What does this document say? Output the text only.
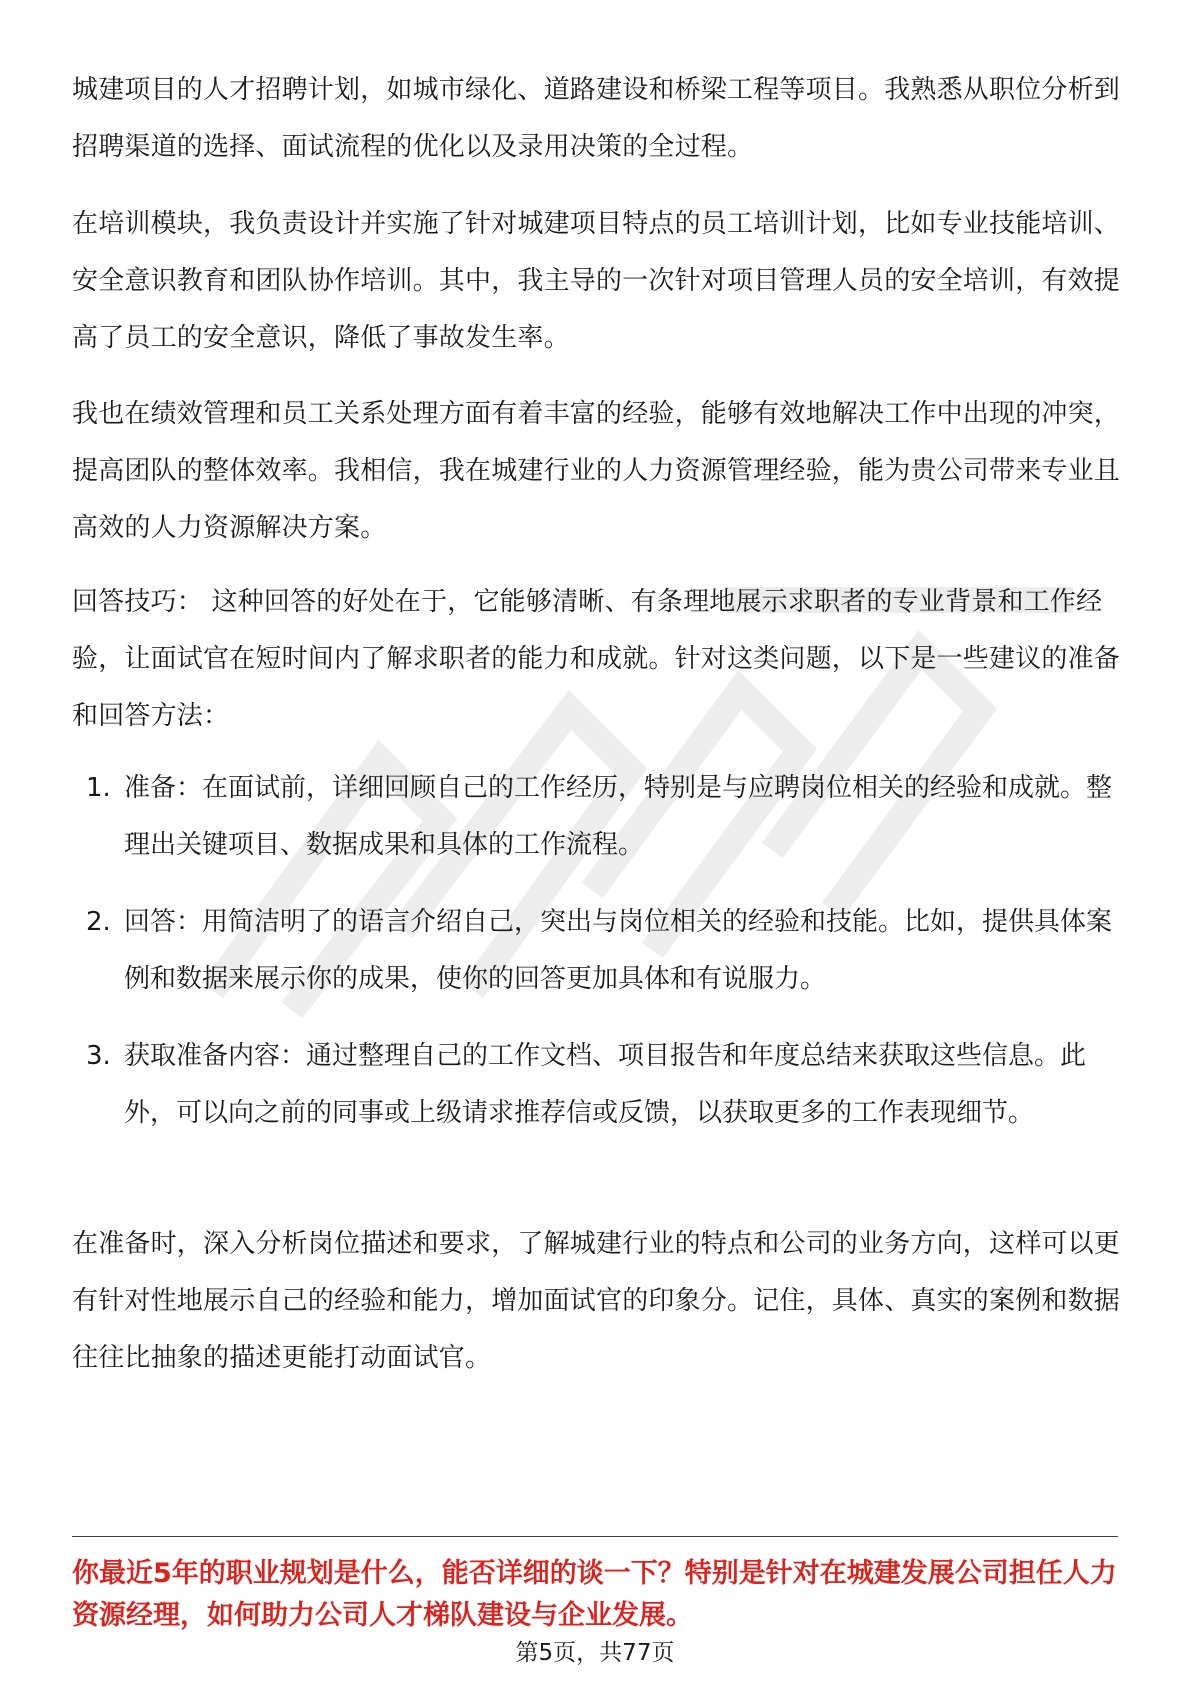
城建项目的人才招聘计划，如城市绿化、道路建设和桥梁工程等项目。我熟悉从职位分析到招聘渠道的选择、面试流程的优化以及录用决策的全过程。

在培训模块，我负责设计并实施了针对城建项目特点的员工培训计划，比如专业技能培训、安全意识教育和团队协作培训。其中，我主导的一次针对项目管理人员的安全培训，有效提高了员工的安全意识，降低了事故发生率。

我也在绩效管理和员工关系处理方面有着丰富的经验，能够有效地解决工作中出现的冲突，提高团队的整体效率。我相信，我在城建行业的人力资源管理经验，能为贵公司带来专业且高效的人力资源解决方案。

回答技巧： 这种回答的好处在于，它能够清晰、有条理地展示求职者的专业背景和工作经验，让面试官在短时间内了解求职者的能力和成就。针对这类问题，以下是一些建议的准备和回答方法：

1. 准备：在面试前，详细回顾自己的工作经历，特别是与应聘岗位相关的经验和成就。整理出关键项目、数据成果和具体的工作流程。
2. 回答：用简洁明了的语言介绍自己，突出与岗位相关的经验和技能。比如，提供具体案例和数据来展示你的成果，使你的回答更加具体和有说服力。
3. 获取准备内容：通过整理自己的工作文档、项目报告和年度总结来获取这些信息。此外，可以向之前的同事或上级请求推荐信或反馈，以获取更多的工作表现细节。

在准备时，深入分析岗位描述和要求，了解城建行业的特点和公司的业务方向，这样可以更有针对性地展示自己的经验和能力，增加面试官的印象分。记住，具体、真实的案例和数据往往比抽象的描述更能打动面试官。

你最近5年的职业规划是什么，能否详细的谈一下？特别是针对在城建发展公司担任人力资源经理，如何助力公司人才梯队建设与企业发展。
第5页，共77页
